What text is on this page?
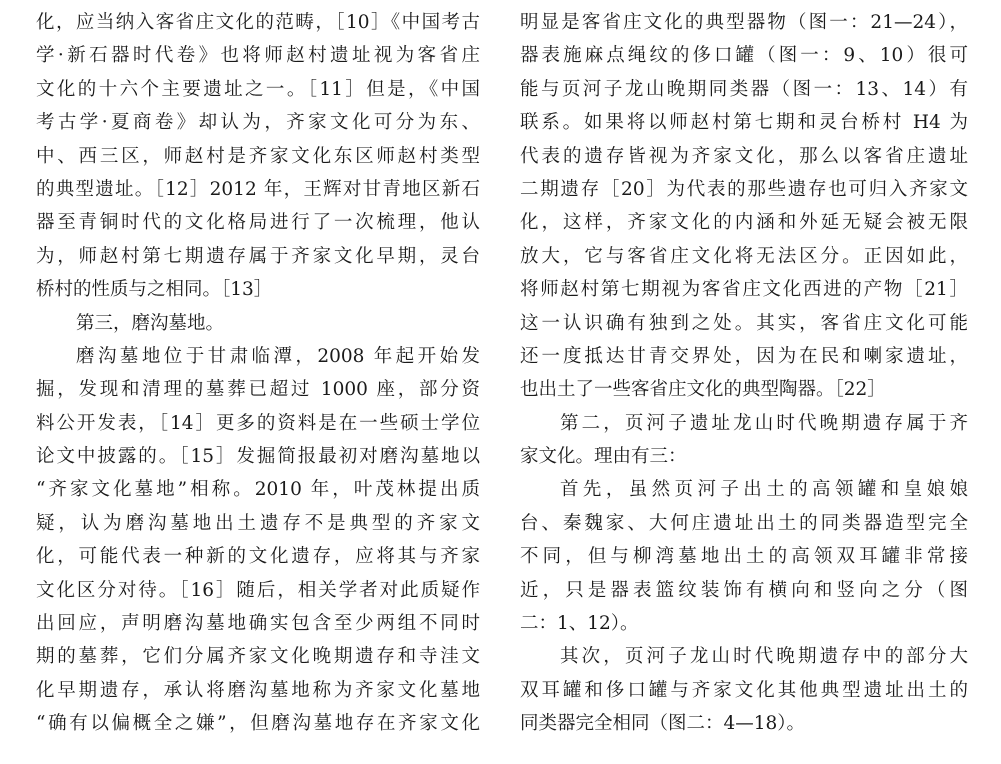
化，应当纳入客省庄文化的范畴，［10］《中国考古
学·新石器时代卷》也将师赵村遗址视为客省庄
文化的十六个主要遗址之一。［11］但是，《中国
考古学·夏商卷》却认为，齐家文化可分为东、
中、西三区，师赵村是齐家文化东区师赵村类型
的典型遗址。［12］2012 年，王辉对甘青地区新石
器至青铜时代的文化格局进行了一次梳理，他认
为，师赵村第七期遗存属于齐家文化早期，灵台
桥村的性质与之相同。［13］
第三，磨沟墓地。
磨沟墓地位于甘肃临潭，2008 年起开始发
掘，发现和清理的墓葬已超过 1000 座，部分资
料公开发表，［14］更多的资料是在一些硕士学位
论文中披露的。［15］发掘简报最初对磨沟墓地以
“齐家文化墓地”相称。2010 年，叶茂林提出质
疑，认为磨沟墓地出土遗存不是典型的齐家文
化，可能代表一种新的文化遗存，应将其与齐家
文化区分对待。［16］随后，相关学者对此质疑作
出回应，声明磨沟墓地确实包含至少两组不同时
期的墓葬，它们分属齐家文化晚期遗存和寺洼文
化早期遗存，承认将磨沟墓地称为齐家文化墓地
“确有以偏概全之嫌”，但磨沟墓地存在齐家文化
明显是客省庄文化的典型器物（图一：21—24），
器表施麻点绳纹的侈口罐（图一：9、10）很可
能与页河子龙山晚期同类器（图一：13、14）有
联系。如果将以师赵村第七期和灵台桥村 H4 为
代表的遗存皆视为齐家文化，那么以客省庄遗址
二期遗存［20］为代表的那些遗存也可归入齐家文
化，这样，齐家文化的内涵和外延无疑会被无限
放大，它与客省庄文化将无法区分。正因如此，
将师赵村第七期视为客省庄文化西进的产物［21］
这一认识确有独到之处。其实，客省庄文化可能
还一度抵达甘青交界处，因为在民和喇家遗址，
也出土了一些客省庄文化的典型陶器。［22］
第二，页河子遗址龙山时代晚期遗存属于齐
家文化。理由有三：
首先，虽然页河子出土的高领罐和皇娘娘
台、秦魏家、大何庄遗址出土的同类器造型完全
不同，但与柳湾墓地出土的高领双耳罐非常接
近，只是器表篮纹装饰有横向和竖向之分（图
二：1、12）。
其次，页河子龙山时代晚期遗存中的部分大
双耳罐和侈口罐与齐家文化其他典型遗址出土的
同类器完全相同（图二：4—18）。
